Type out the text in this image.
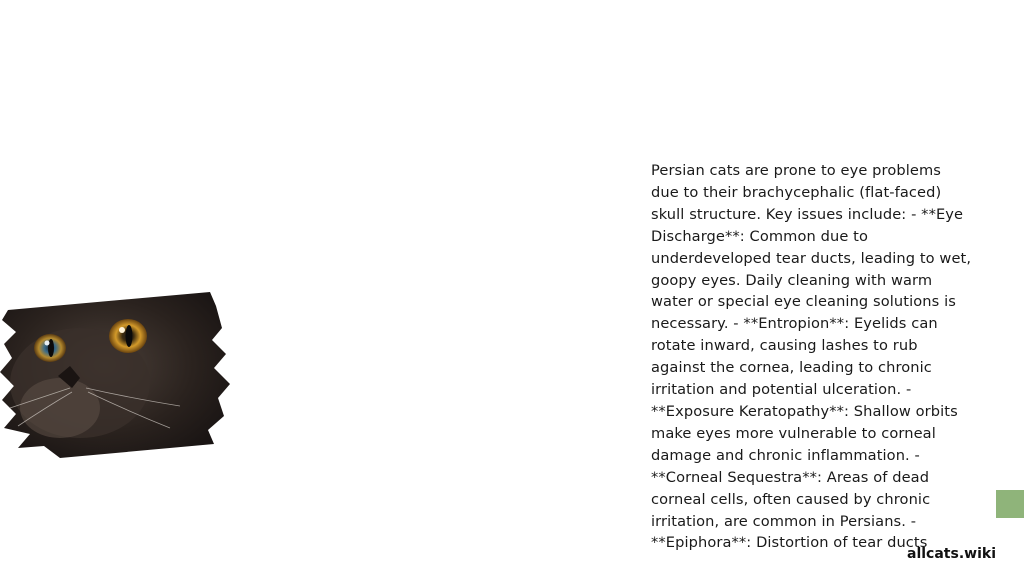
Persian cats are prone to eye problems due to their brachycephalic (flat-faced) skull structure. Key issues include: - **Eye Discharge**: Common due to underdeveloped tear ducts, leading to wet, goopy eyes. Daily cleaning with warm water or special eye cleaning solutions is necessary. - **Entropion**: Eyelids can rotate inward, causing lashes to rub against the cornea, leading to chronic irritation and potential ulceration. - **Exposure Keratopathy**: Shallow orbits make eyes more vulnerable to corneal damage and chronic inflammation. - **Corneal Sequestra**: Areas of dead corneal cells, often caused by chronic irritation, are common in Persians. - **Epiphora**: Distortion of tear ducts
allcats.wiki
